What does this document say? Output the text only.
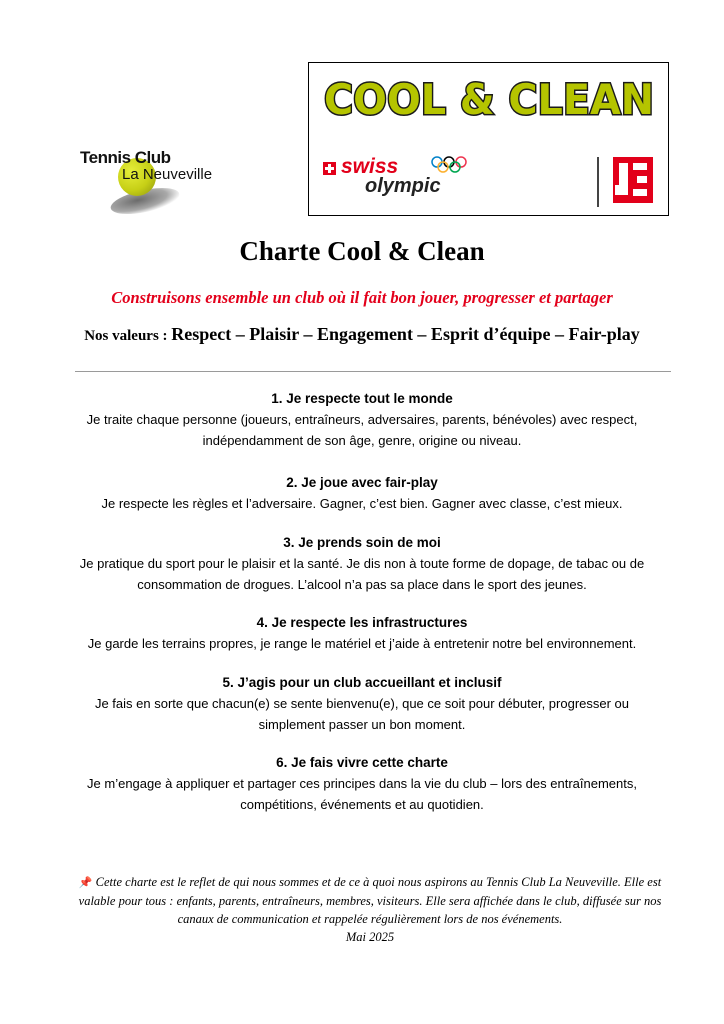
Tennis Club
La Neuveville
COOL & CLEAN
swiss
olympic
Charte Cool & Clean
Construisons ensemble un club où il fait bon jouer, progresser et partager
Nos valeurs : Respect – Plaisir – Engagement – Esprit d’équipe – Fair-play
1. Je respecte tout le monde

Je traite chaque personne (joueurs, entraîneurs, adversaires, parents, bénévoles) avec respect,

indépendamment de son âge, genre, origine ou niveau.

2. Je joue avec fair-play

Je respecte les règles et l’adversaire. Gagner, c’est bien. Gagner avec classe, c’est mieux.

3. Je prends soin de moi

Je pratique du sport pour le plaisir et la santé. Je dis non à toute forme de dopage, de tabac ou de

consommation de drogues. L’alcool n’a pas sa place dans le sport des jeunes.

4. Je respecte les infrastructures

Je garde les terrains propres, je range le matériel et j’aide à entretenir notre bel environnement.

5. J’agis pour un club accueillant et inclusif

Je fais en sorte que chacun(e) se sente bienvenu(e), que ce soit pour débuter, progresser ou

simplement passer un bon moment.

6. Je fais vivre cette charte

Je m’engage à appliquer et partager ces principes dans la vie du club – lors des entraînements,

compétitions, événements et au quotidien.

📌 Cette charte est le reflet de qui nous sommes et de ce à quoi nous aspirons au Tennis Club La Neuveville. Elle est valable pour tous : enfants, parents, entraîneurs, membres, visiteurs. Elle sera affichée dans le club, diffusée sur nos canaux de communication et rappelée régulièrement lors de nos événements.
Mai 2025
